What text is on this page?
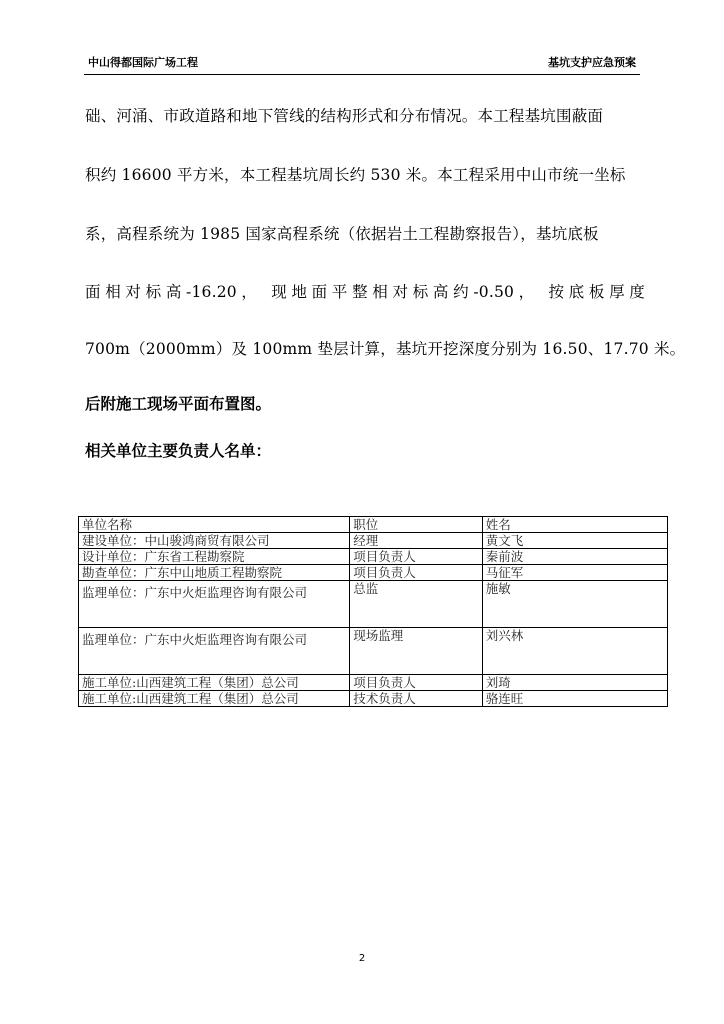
中山得都国际广场工程	基坑支护应急预案
础、河涌、市政道路和地下管线的结构形式和分布情况。本工程基坑围蔽面
积约 16600 平方米，本工程基坑周长约 530 米。本工程采用中山市统一坐标
系，高程系统为 1985 国家高程系统（依据岩土工程勘察报告），基坑底板
面相对标高-16.20， 现地面平整相对标高约-0.50， 按底板厚度
700m（2000mm）及 100mm 垫层计算，基坑开挖深度分别为 16.50、17.70 米。
后附施工现场平面布置图。
相关单位主要负责人名单：
单位名称	职位	姓名
建设单位：中山骏鸿商贸有限公司	经理	黄文飞
设计单位：广东省工程勘察院	项目负责人	秦前波
勘查单位：广东中山地质工程勘察院	项目负责人	马征军

监理单位：广东中火炬监理咨询有限公司	总监	施敏

监理单位：广东中火炬监理咨询有限公司	现场监理	刘兴林
施工单位:山西建筑工程（集团）总公司	项目负责人	刘琦
施工单位:山西建筑工程（集团）总公司	技术负责人	骆连旺
2
